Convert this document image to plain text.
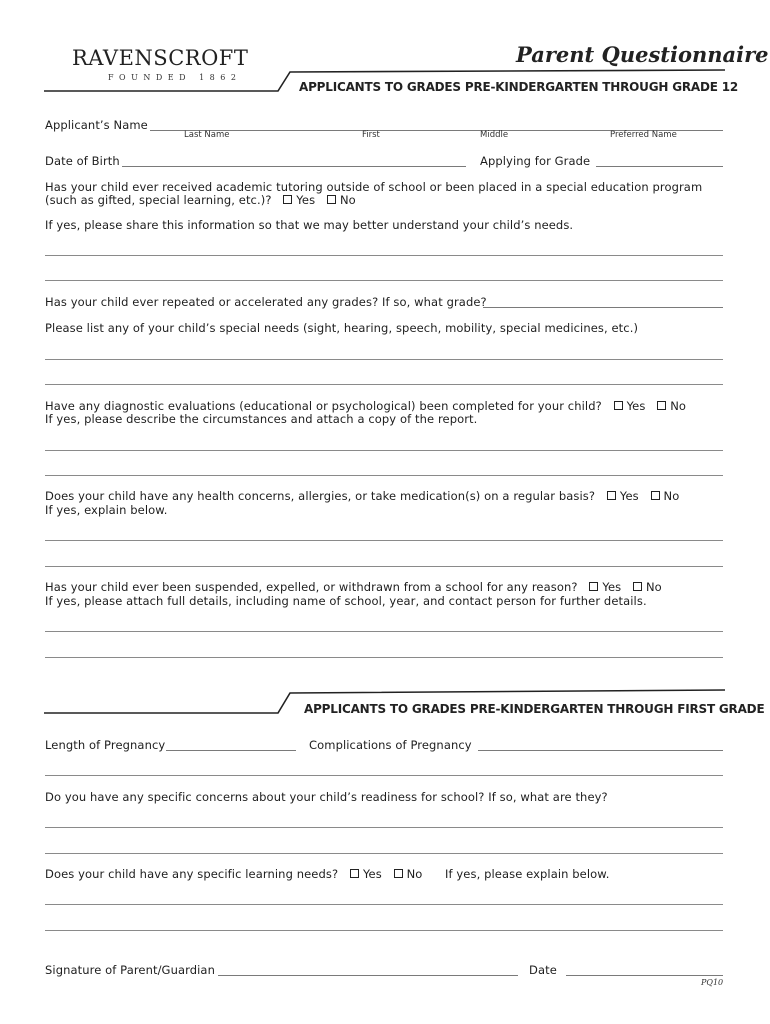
RAVENSCROFT
FOUNDED 1862
Parent Questionnaire
APPLICANTS TO GRADES PRE-KINDERGARTEN THROUGH GRADE 12
Applicant’s Name
Last Name	First	Middle	Preferred Name
Date of Birth	Applying for Grade
Has your child ever received academic tutoring outside of school or been placed in a special education program
(such as gifted, special learning, etc.)? Yes No
If yes, please share this information so that we may better understand your child’s needs.
Has your child ever repeated or accelerated any grades? If so, what grade?
Please list any of your child’s special needs (sight, hearing, speech, mobility, special medicines, etc.)
Have any diagnostic evaluations (educational or psychological) been completed for your child? Yes No
If yes, please describe the circumstances and attach a copy of the report.
Does your child have any health concerns, allergies, or take medication(s) on a regular basis? Yes No
If yes, explain below.
Has your child ever been suspended, expelled, or withdrawn from a school for any reason? Yes No
If yes, please attach full details, including name of school, year, and contact person for further details.
APPLICANTS TO GRADES PRE-KINDERGARTEN THROUGH FIRST GRADE
Length of Pregnancy	Complications of Pregnancy
Do you have any specific concerns about your child’s readiness for school? If so, what are they?
Does your child have any specific learning needs? Yes No If yes, please explain below.
Signature of Parent/Guardian	Date
PQ10
